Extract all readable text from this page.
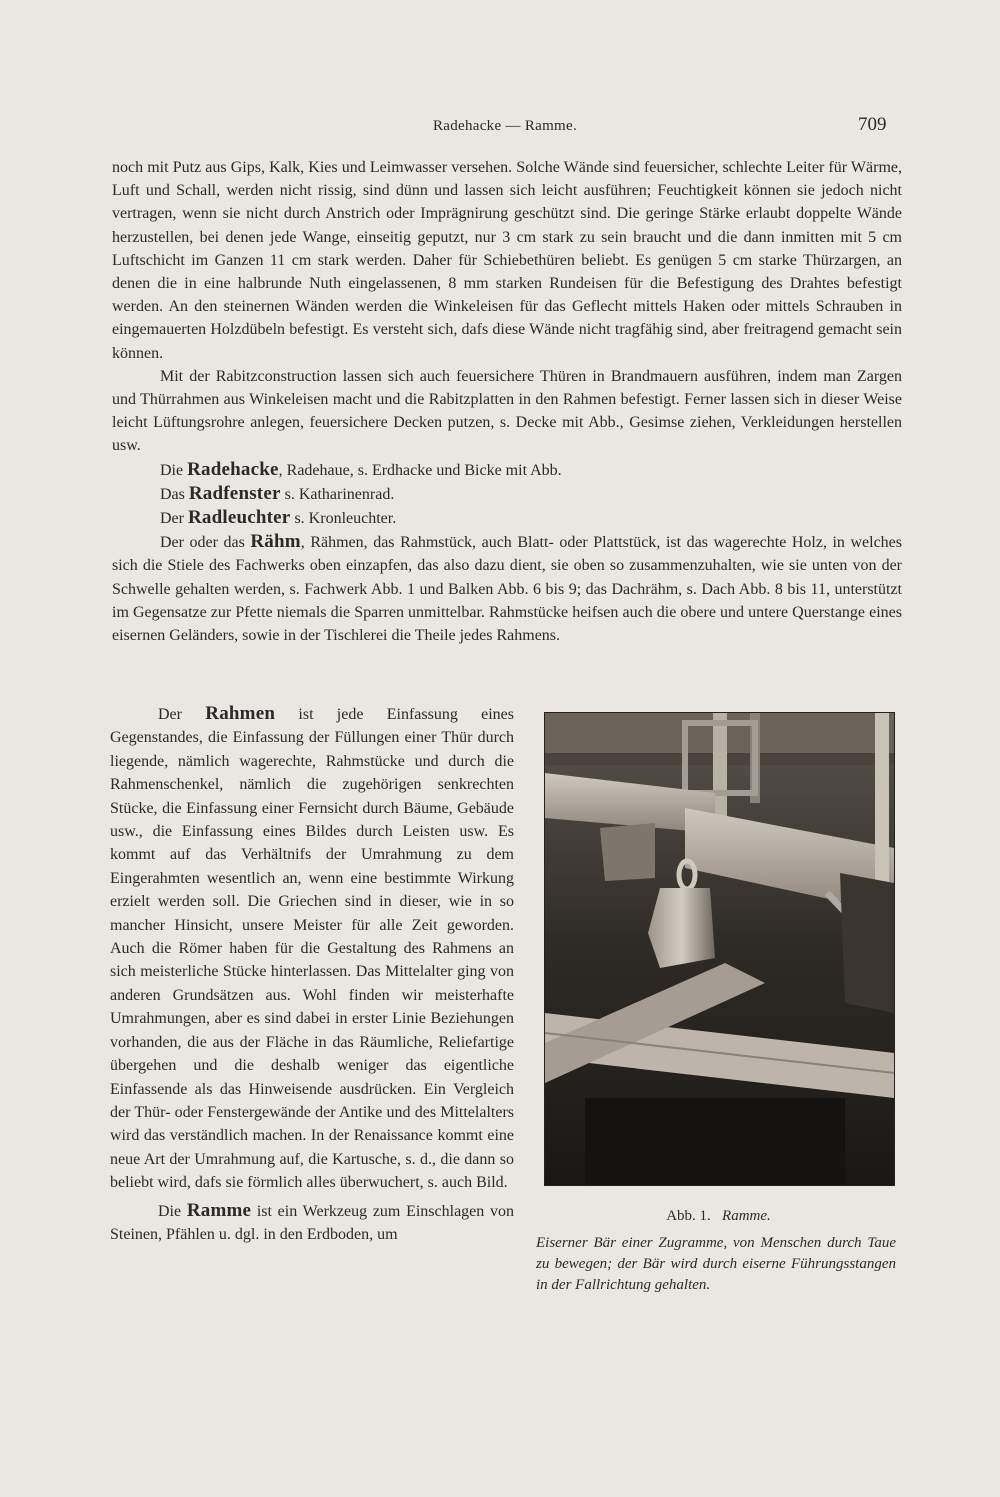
Radehacke — Ramme.	709

noch mit Putz aus Gips, Kalk, Kies und Leimwasser versehen. Solche Wände sind feuersicher, schlechte Leiter für Wärme, Luft und Schall, werden nicht rissig, sind dünn und lassen sich leicht ausführen; Feuchtigkeit können sie jedoch nicht vertragen, wenn sie nicht durch Anstrich oder Imprägnirung geschützt sind. Die geringe Stärke erlaubt doppelte Wände herzustellen, bei denen jede Wange, einseitig geputzt, nur 3 cm stark zu sein braucht und die dann inmitten mit 5 cm Luftschicht im Ganzen 11 cm stark werden. Daher für Schiebethüren beliebt. Es genügen 5 cm starke Thürzargen, an denen die in eine halbrunde Nuth eingelassenen, 8 mm starken Rundeisen für die Befestigung des Drahtes befestigt werden. An den steinernen Wänden werden die Winkeleisen für das Geflecht mittels Haken oder mittels Schrauben in eingemauerten Holzdübeln befestigt. Es versteht sich, dafs diese Wände nicht tragfähig sind, aber freitragend gemacht sein können.

Mit der Rabitzconstruction lassen sich auch feuersichere Thüren in Brandmauern ausführen, indem man Zargen und Thürrahmen aus Winkeleisen macht und die Rabitzplatten in den Rahmen befestigt. Ferner lassen sich in dieser Weise leicht Lüftungsrohre anlegen, feuersichere Decken putzen, s. Decke mit Abb., Gesimse ziehen, Verkleidungen herstellen usw.

Die Radehacke, Radehaue, s. Erdhacke und Bicke mit Abb.

Das Radfenster s. Katharinenrad.

Der Radleuchter s. Kronleuchter.

Der oder das Rähm, Rähmen, das Rahmstück, auch Blatt- oder Plattstück, ist das wagerechte Holz, in welches sich die Stiele des Fachwerks oben einzapfen, das also dazu dient, sie oben so zusammenzuhalten, wie sie unten von der Schwelle gehalten werden, s. Fachwerk Abb. 1 und Balken Abb. 6 bis 9; das Dachrähm, s. Dach Abb. 8 bis 11, unterstützt im Gegensatze zur Pfette niemals die Sparren unmittelbar. Rahmstücke heifsen auch die obere und untere Querstange eines eisernen Geländers, sowie in der Tischlerei die Theile jedes Rahmens.

Der Rahmen ist jede Einfassung eines Gegenstandes, die Einfassung der Füllungen einer Thür durch liegende, nämlich wagerechte, Rahmstücke und durch die Rahmenschenkel, nämlich die zugehörigen senkrechten Stücke, die Einfassung einer Fernsicht durch Bäume, Gebäude usw., die Einfassung eines Bildes durch Leisten usw. Es kommt auf das Verhältnifs der Umrahmung zu dem Eingerahmten wesentlich an, wenn eine bestimmte Wirkung erzielt werden soll. Die Griechen sind in dieser, wie in so mancher Hinsicht, unsere Meister für alle Zeit geworden. Auch die Römer haben für die Gestaltung des Rahmens an sich meisterliche Stücke hinterlassen. Das Mittelalter ging von anderen Grundsätzen aus. Wohl finden wir meisterhafte Umrahmungen, aber es sind dabei in erster Linie Beziehungen vorhanden, die aus der Fläche in das Räumliche, Reliefartige übergehen und die deshalb weniger das eigentliche Einfassende als das Hinweisende ausdrücken. Ein Vergleich der Thür- oder Fenstergewände der Antike und des Mittelalters wird das verständlich machen. In der Renaissance kommt eine neue Art der Umrahmung auf, die Kartusche, s. d., die dann so beliebt wird, dafs sie förmlich alles überwuchert, s. auch Bild.

Die Ramme ist ein Werkzeug zum Einschlagen von Steinen, Pfählen u. dgl. in den Erdboden, um

Abb. 1. Ramme.
Eiserner Bär einer Zugramme, von Menschen durch Taue zu bewegen; der Bär wird durch eiserne Führungsstangen in der Fallrichtung gehalten.
